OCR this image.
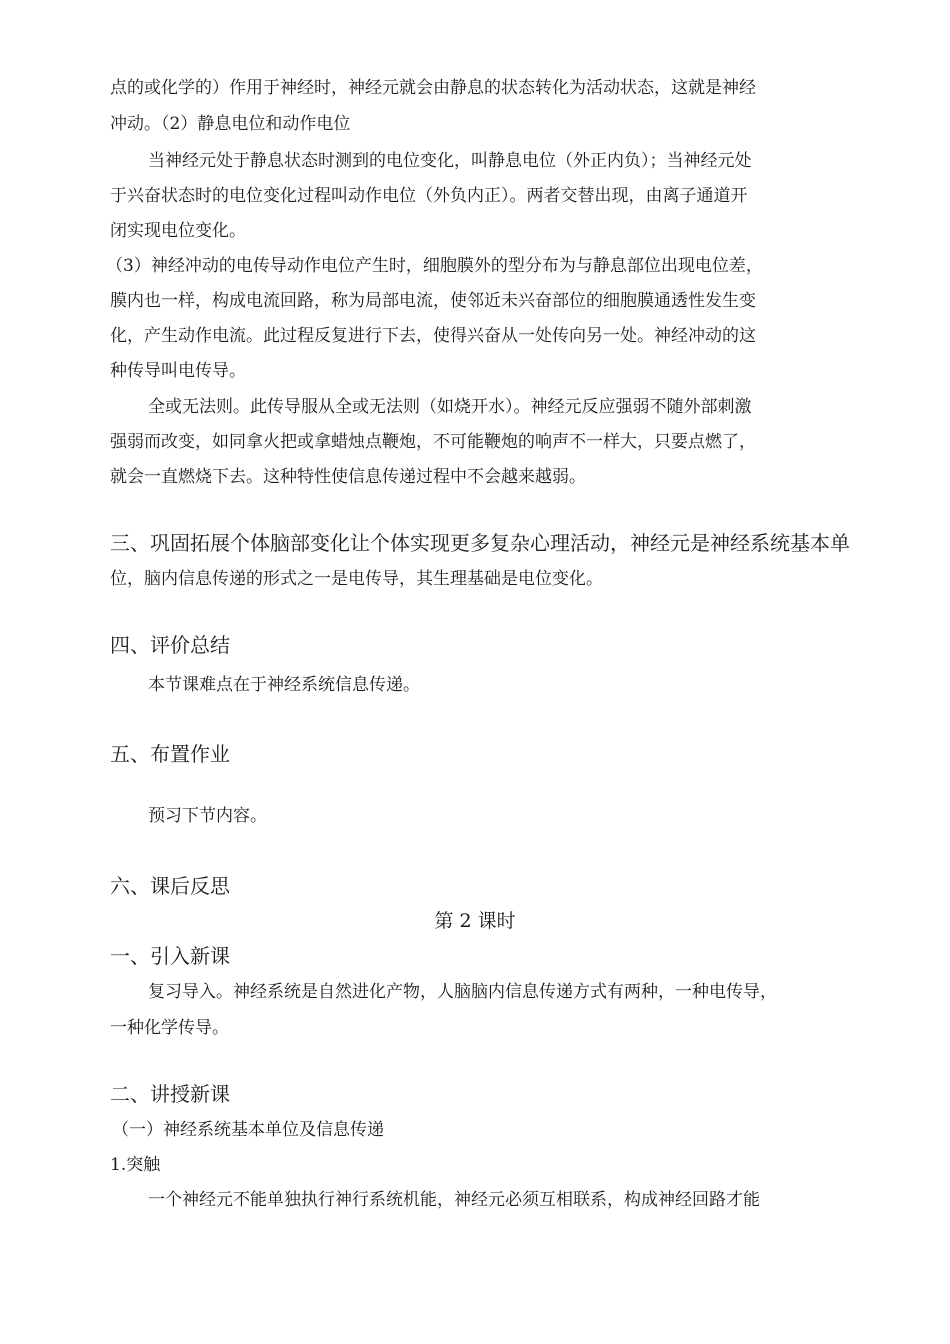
点的或化学的）作用于神经时，神经元就会由静息的状态转化为活动状态，这就是神经
冲动。（2）静息电位和动作电位
当神经元处于静息状态时测到的电位变化，叫静息电位（外正内负）；当神经元处
于兴奋状态时的电位变化过程叫动作电位（外负内正）。两者交替出现，由离子通道开
闭实现电位变化。
（3）神经冲动的电传导动作电位产生时，细胞膜外的型分布为与静息部位出现电位差，
膜内也一样，构成电流回路，称为局部电流，使邻近未兴奋部位的细胞膜通透性发生变
化，产生动作电流。此过程反复进行下去，使得兴奋从一处传向另一处。神经冲动的这
种传导叫电传导。
全或无法则。此传导服从全或无法则（如烧开水）。神经元反应强弱不随外部刺激
强弱而改变，如同拿火把或拿蜡烛点鞭炮，不可能鞭炮的响声不一样大，只要点燃了，
就会一直燃烧下去。这种特性使信息传递过程中不会越来越弱。
三、巩固拓展个体脑部变化让个体实现更多复杂心理活动，神经元是神经系统基本单
位，脑内信息传递的形式之一是电传导，其生理基础是电位变化。
四、评价总结
本节课难点在于神经系统信息传递。
五、布置作业
预习下节内容。
六、课后反思
第 2 课时
一、引入新课
复习导入。神经系统是自然进化产物，人脑脑内信息传递方式有两种，一种电传导，
一种化学传导。
二、讲授新课
（一）神经系统基本单位及信息传递
1.突触
一个神经元不能单独执行神行系统机能，神经元必须互相联系，构成神经回路才能
